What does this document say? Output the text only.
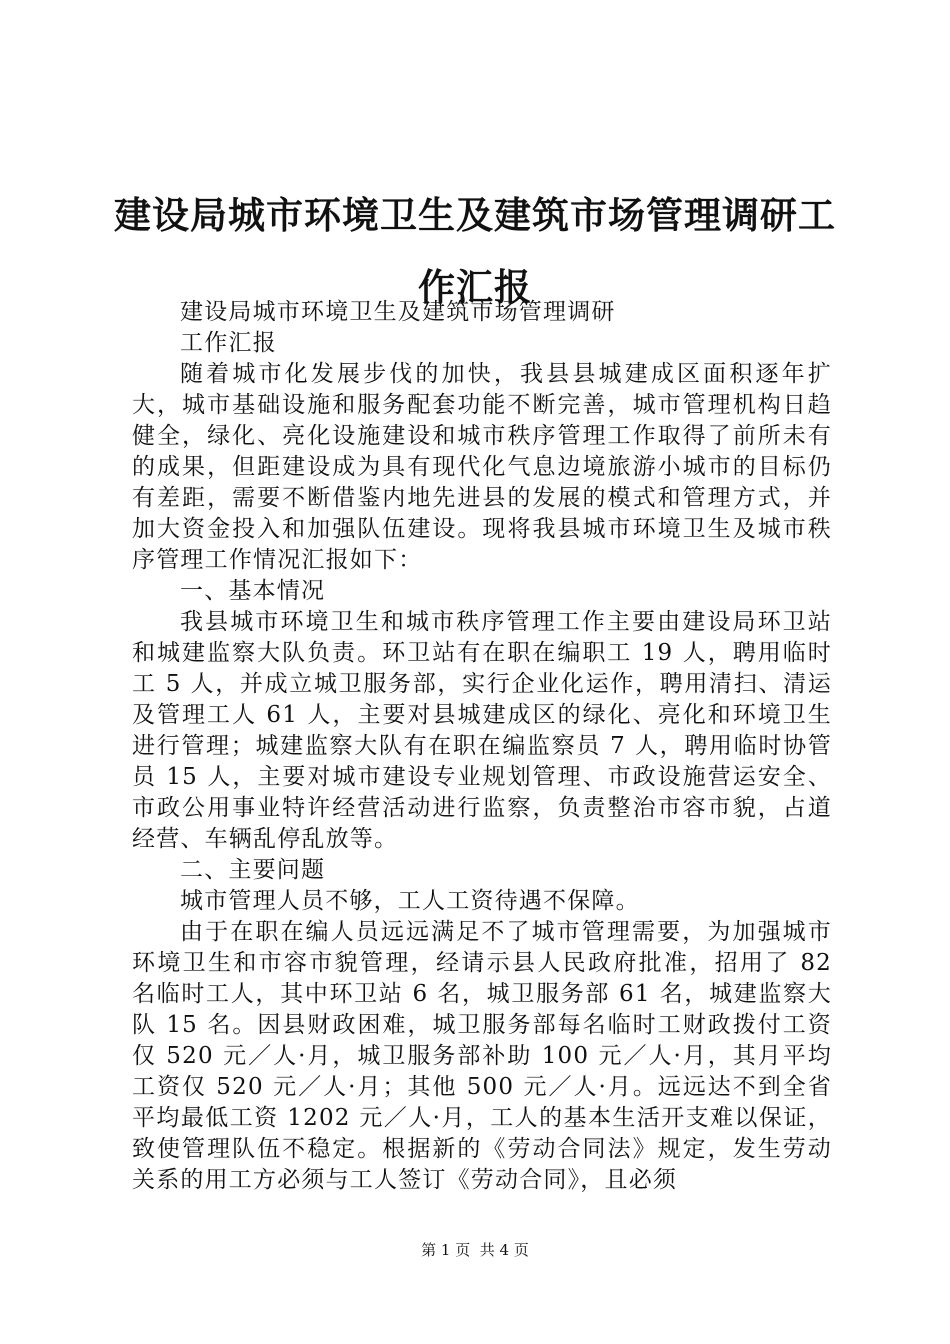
建设局城市环境卫生及建筑市场管理调研工作汇报

建设局城市环境卫生及建筑市场管理调研

工作汇报

随着城市化发展步伐的加快，我县县城建成区面积逐年扩大，城市基础设施和服务配套功能不断完善，城市管理机构日趋健全，绿化、亮化设施建设和城市秩序管理工作取得了前所未有的成果，但距建设成为具有现代化气息边境旅游小城市的目标仍有差距，需要不断借鉴内地先进县的发展的模式和管理方式，并加大资金投入和加强队伍建设。现将我县城市环境卫生及城市秩序管理工作情况汇报如下：

一、基本情况

我县城市环境卫生和城市秩序管理工作主要由建设局环卫站和城建监察大队负责。环卫站有在职在编职工 19 人，聘用临时工 5 人，并成立城卫服务部，实行企业化运作，聘用清扫、清运及管理工人 61 人，主要对县城建成区的绿化、亮化和环境卫生进行管理；城建监察大队有在职在编监察员 7 人，聘用临时协管员 15 人，主要对城市建设专业规划管理、市政设施营运安全、市政公用事业特许经营活动进行监察，负责整治市容市貌，占道经营、车辆乱停乱放等。

二、主要问题

城市管理人员不够，工人工资待遇不保障。

由于在职在编人员远远满足不了城市管理需要，为加强城市环境卫生和市容市貌管理，经请示县人民政府批准，招用了 82 名临时工人，其中环卫站 6 名，城卫服务部 61 名，城建监察大队 15 名。因县财政困难，城卫服务部每名临时工财政拨付工资仅 520 元／人·月，城卫服务部补助 100 元／人·月，其月平均工资仅 520 元／人·月；其他 500 元／人·月。远远达不到全省平均最低工资 1202 元／人·月，工人的基本生活开支难以保证，致使管理队伍不稳定。根据新的《劳动合同法》规定，发生劳动关系的用工方必须与工人签订《劳动合同》，且必须

第 1 页 共 4 页
